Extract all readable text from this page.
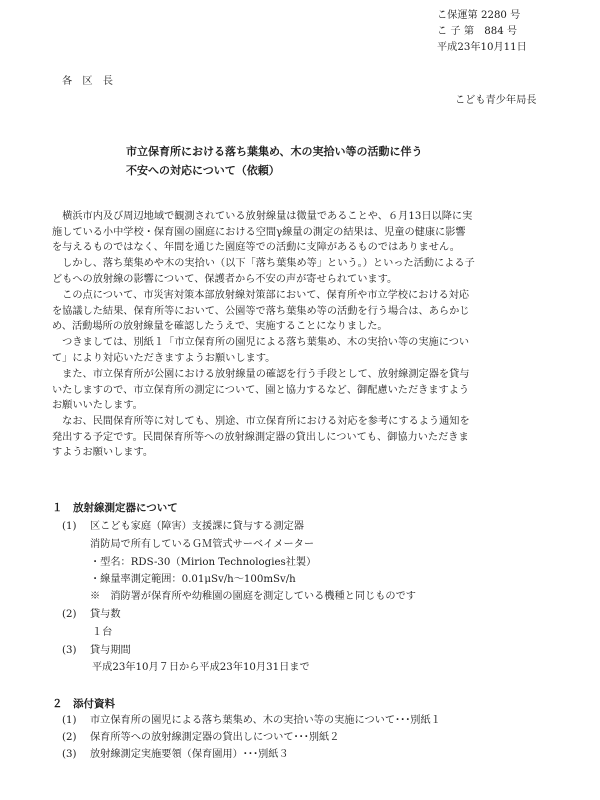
こ保運第 2280 号
こ 子 第　884 号
平成23年10月11日
各　区　長
こども青少年局長
市立保育所における落ち葉集め、木の実拾い等の活動に伴う
不安への対応について（依頼）
　横浜市内及び周辺地域で観測されている放射線量は微量であることや、６月13日以降に実
施している小中学校・保育園の園庭における空間γ線量の測定の結果は、児童の健康に影響
を与えるものではなく、年間を通じた園庭等での活動に支障があるものではありません。
　しかし、落ち葉集めや木の実拾い（以下「落ち葉集め等」という。）といった活動による子
どもへの放射線の影響について、保護者から不安の声が寄せられています。
　この点について、市災害対策本部放射線対策部において、保育所や市立学校における対応
を協議した結果、保育所等において、公園等で落ち葉集め等の活動を行う場合は、あらかじ
め、活動場所の放射線量を確認したうえで、実施することになりました。
　つきましては、別紙１「市立保育所の園児による落ち葉集め、木の実拾い等の実施につい
て」により対応いただきますようお願いします。
　また、市立保育所が公園における放射線量の確認を行う手段として、放射線測定器を貸与
いたしますので、市立保育所の測定について、園と協力するなど、御配慮いただきますよう
お願いいたします。
　なお、民間保育所等に対しても、別途、市立保育所における対応を参考にするよう通知を
発出する予定です。民間保育所等への放射線測定器の貸出しについても、御協力いただきま
すようお願いします。
１　放射線測定器について
(1) 区こども家庭（障害）支援課に貸与する測定器
消防局で所有しているＧＭ管式サーベイメーター
・型名：RDS-30（Mirion Technologies社製）
・線量率測定範囲：0.01μSv/h〜100mSv/h
※　消防署が保育所や幼稚園の園庭を測定している機種と同じものです
(2) 貸与数
１台
(3) 貸与期間
平成23年10月７日から平成23年10月31日まで
２　添付資料
(1) 市立保育所の園児による落ち葉集め、木の実拾い等の実施について･･･別紙１
(2) 保育所等への放射線測定器の貸出しについて･･･別紙２
(3) 放射線測定実施要領（保育園用）･･･別紙３
